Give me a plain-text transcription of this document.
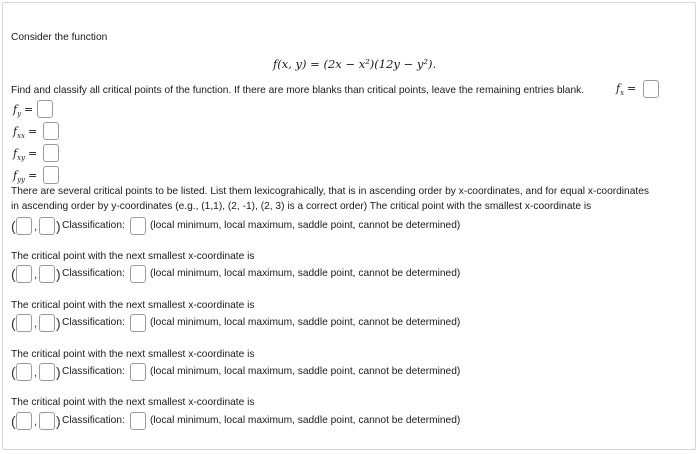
Consider the function
f(x, y) = (2x − x²)(12y − y²).
Find and classify all critical points of the function. If there are more blanks than critical points, leave the remaining entries blank.	$f_x$ =
$f_y$ =
$f_{xx}$ =
$f_{xy}$ =
$f_{yy}$ =
There are several critical points to be listed. List them lexicograhically, that is in ascending order by x-coordinates, and for equal x-coordinates
in ascending order by y-coordinates (e.g., (1,1), (2, -1), (2, 3) is a correct order) The critical point with the smallest x-coordinate is
( , ) Classification: (local minimum, local maximum, saddle point, cannot be determined)
The critical point with the next smallest x-coordinate is
( , ) Classification: (local minimum, local maximum, saddle point, cannot be determined)
The critical point with the next smallest x-coordinate is
( , ) Classification: (local minimum, local maximum, saddle point, cannot be determined)
The critical point with the next smallest x-coordinate is
( , ) Classification: (local minimum, local maximum, saddle point, cannot be determined)
The critical point with the next smallest x-coordinate is
( , ) Classification: (local minimum, local maximum, saddle point, cannot be determined)
